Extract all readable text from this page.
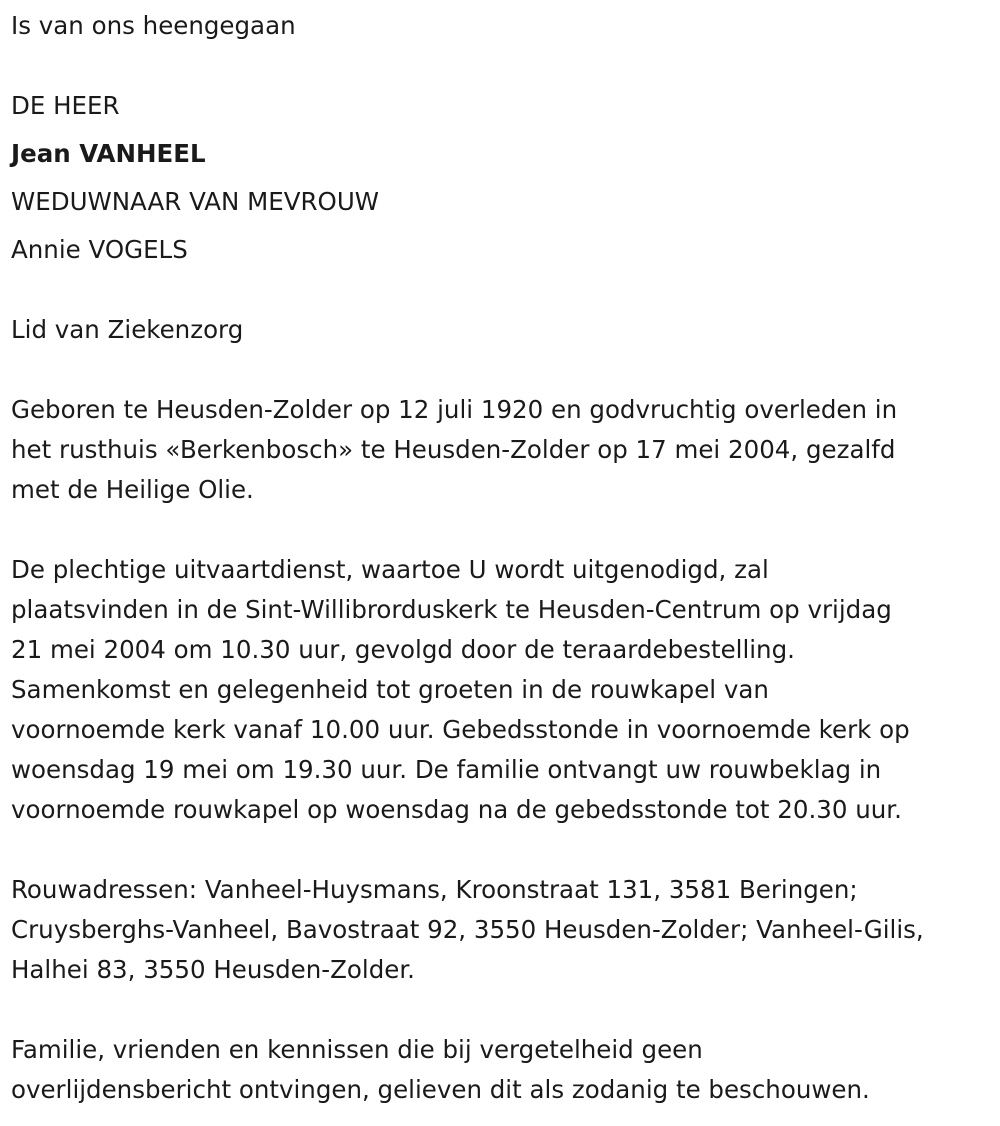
Is van ons heengegaan
DE HEER
Jean VANHEEL
WEDUWNAAR VAN MEVROUW
Annie VOGELS
Lid van Ziekenzorg
Geboren te Heusden-Zolder op 12 juli 1920 en godvruchtig overleden in
het rusthuis «Berkenbosch» te Heusden-Zolder op 17 mei 2004, gezalfd
met de Heilige Olie.
De plechtige uitvaartdienst, waartoe U wordt uitgenodigd, zal
plaatsvinden in de Sint-Willibrorduskerk te Heusden-Centrum op vrijdag
21 mei 2004 om 10.30 uur, gevolgd door de teraardebestelling.
Samenkomst en gelegenheid tot groeten in de rouwkapel van
voornoemde kerk vanaf 10.00 uur. Gebedsstonde in voornoemde kerk op
woensdag 19 mei om 19.30 uur. De familie ontvangt uw rouwbeklag in
voornoemde rouwkapel op woensdag na de gebedsstonde tot 20.30 uur.
Rouwadressen: Vanheel-Huysmans, Kroonstraat 131, 3581 Beringen;
Cruysberghs-Vanheel, Bavostraat 92, 3550 Heusden-Zolder; Vanheel-Gilis,
Halhei 83, 3550 Heusden-Zolder.
Familie, vrienden en kennissen die bij vergetelheid geen
overlijdensbericht ontvingen, gelieven dit als zodanig te beschouwen.
